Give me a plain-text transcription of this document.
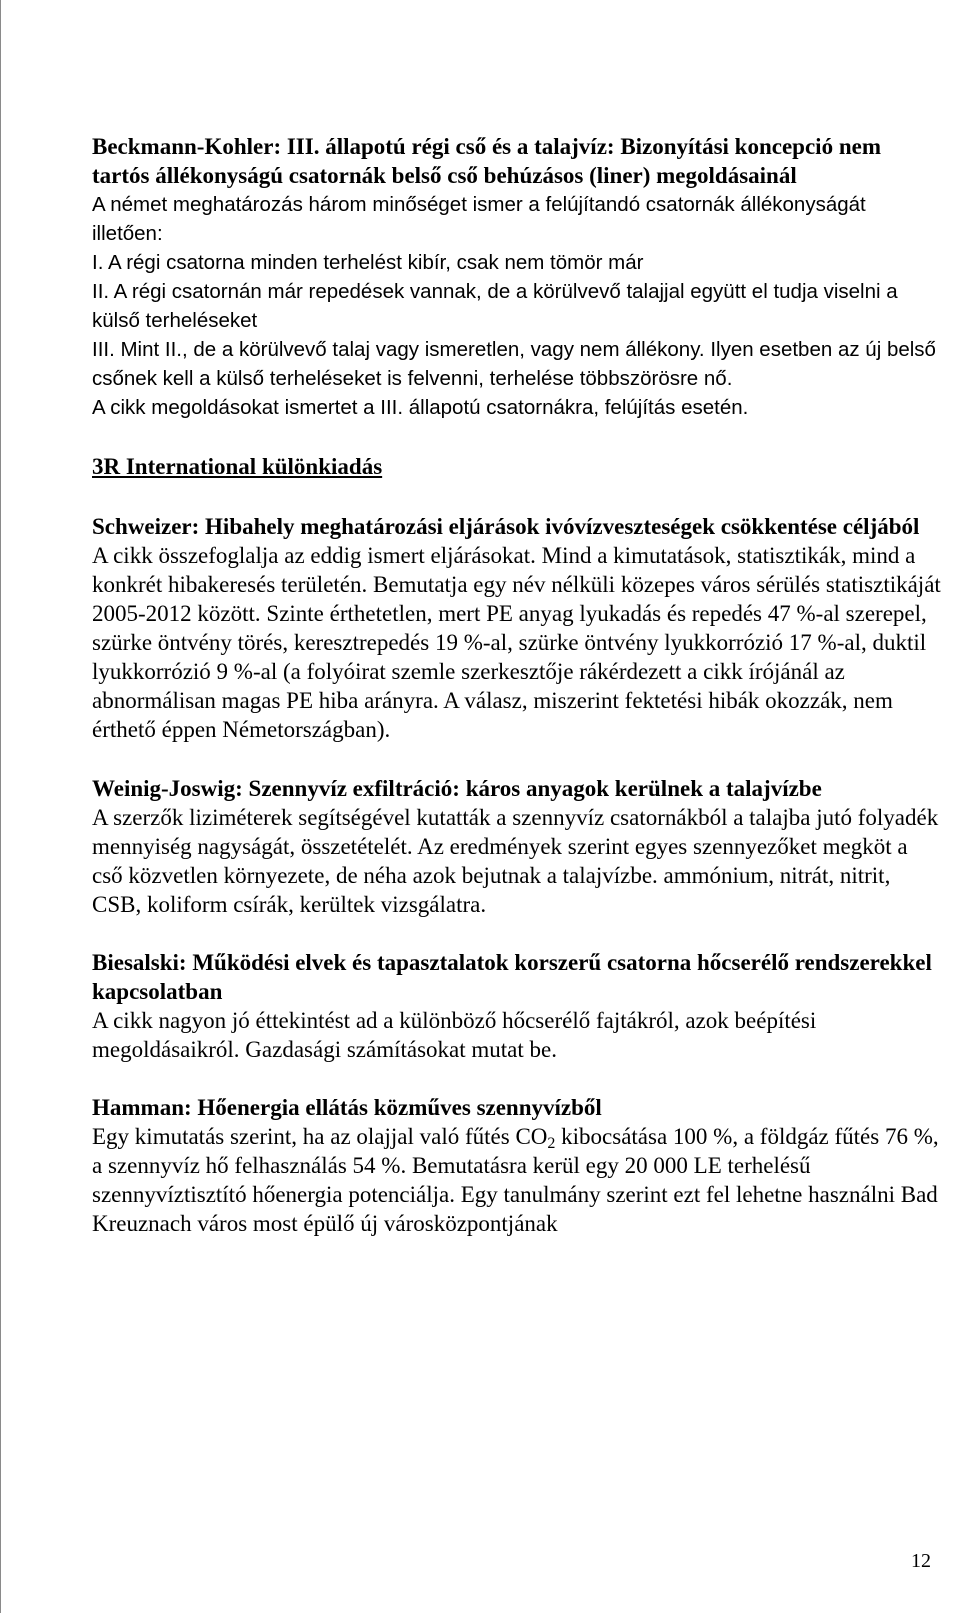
Beckmann-Kohler: III. állapotú régi cső és a talajvíz: Bizonyítási koncepció nem tartós állékonyságú csatornák belső cső behúzásos (liner) megoldásainál

A német meghatározás három minőséget ismer a felújítandó csatornák állékonyságát illetően:

I. A régi csatorna minden terhelést kibír, csak nem tömör már

II. A régi csatornán már repedések vannak, de a körülvevő talajjal együtt el tudja viselni a külső terheléseket

III. Mint II., de a körülvevő talaj vagy ismeretlen, vagy nem állékony. Ilyen esetben az új belső csőnek kell a külső terheléseket is felvenni, terhelése többszörösre nő.

A cikk megoldásokat ismertet a III. állapotú csatornákra, felújítás esetén.

3R International különkiadás

Schweizer: Hibahely meghatározási eljárások ivóvízveszteségek csökkentése céljából

A cikk összefoglalja az eddig ismert eljárásokat. Mind a kimutatások, statisztikák, mind a konkrét hibakeresés területén. Bemutatja egy név nélküli közepes város sérülés statisztikáját 2005-2012 között. Szinte érthetetlen, mert PE anyag lyukadás és repedés 47 %-al szerepel, szürke öntvény törés, keresztrepedés 19 %-al, szürke öntvény lyukkorrózió 17 %-al, duktil lyukkorrózió 9 %-al (a folyóirat szemle szerkesztője rákérdezett a cikk írójánál az abnormálisan magas PE hiba arányra. A válasz, miszerint fektetési hibák okozzák, nem érthető éppen Németországban).

Weinig-Joswig: Szennyvíz exfiltráció: káros anyagok kerülnek a talajvízbe

A szerzők liziméterek segítségével kutatták a szennyvíz csatornákból a talajba jutó folyadék mennyiség nagyságát, összetételét. Az eredmények szerint egyes szennyezőket megköt a cső közvetlen környezete, de néha azok bejutnak a talajvízbe. ammónium, nitrát, nitrit, CSB, koliform csírák, kerültek vizsgálatra.

Biesalski: Működési elvek és tapasztalatok korszerű csatorna hőcserélő rendszerekkel kapcsolatban

A cikk nagyon jó éttekintést ad a különböző hőcserélő fajtákról, azok beépítési megoldásaikról. Gazdasági számításokat mutat be.

Hamman: Hőenergia ellátás közműves szennyvízből

Egy kimutatás szerint, ha az olajjal való fűtés $CO_2$ kibocsátása 100 %, a földgáz fűtés 76 %, a szennyvíz hő felhasználás 54 %. Bemutatásra kerül egy 20 000 LE terhelésű szennyvíztisztító hőenergia potenciálja. Egy tanulmány szerint ezt fel lehetne használni Bad Kreuznach város most épülő új városközpontjának

12
